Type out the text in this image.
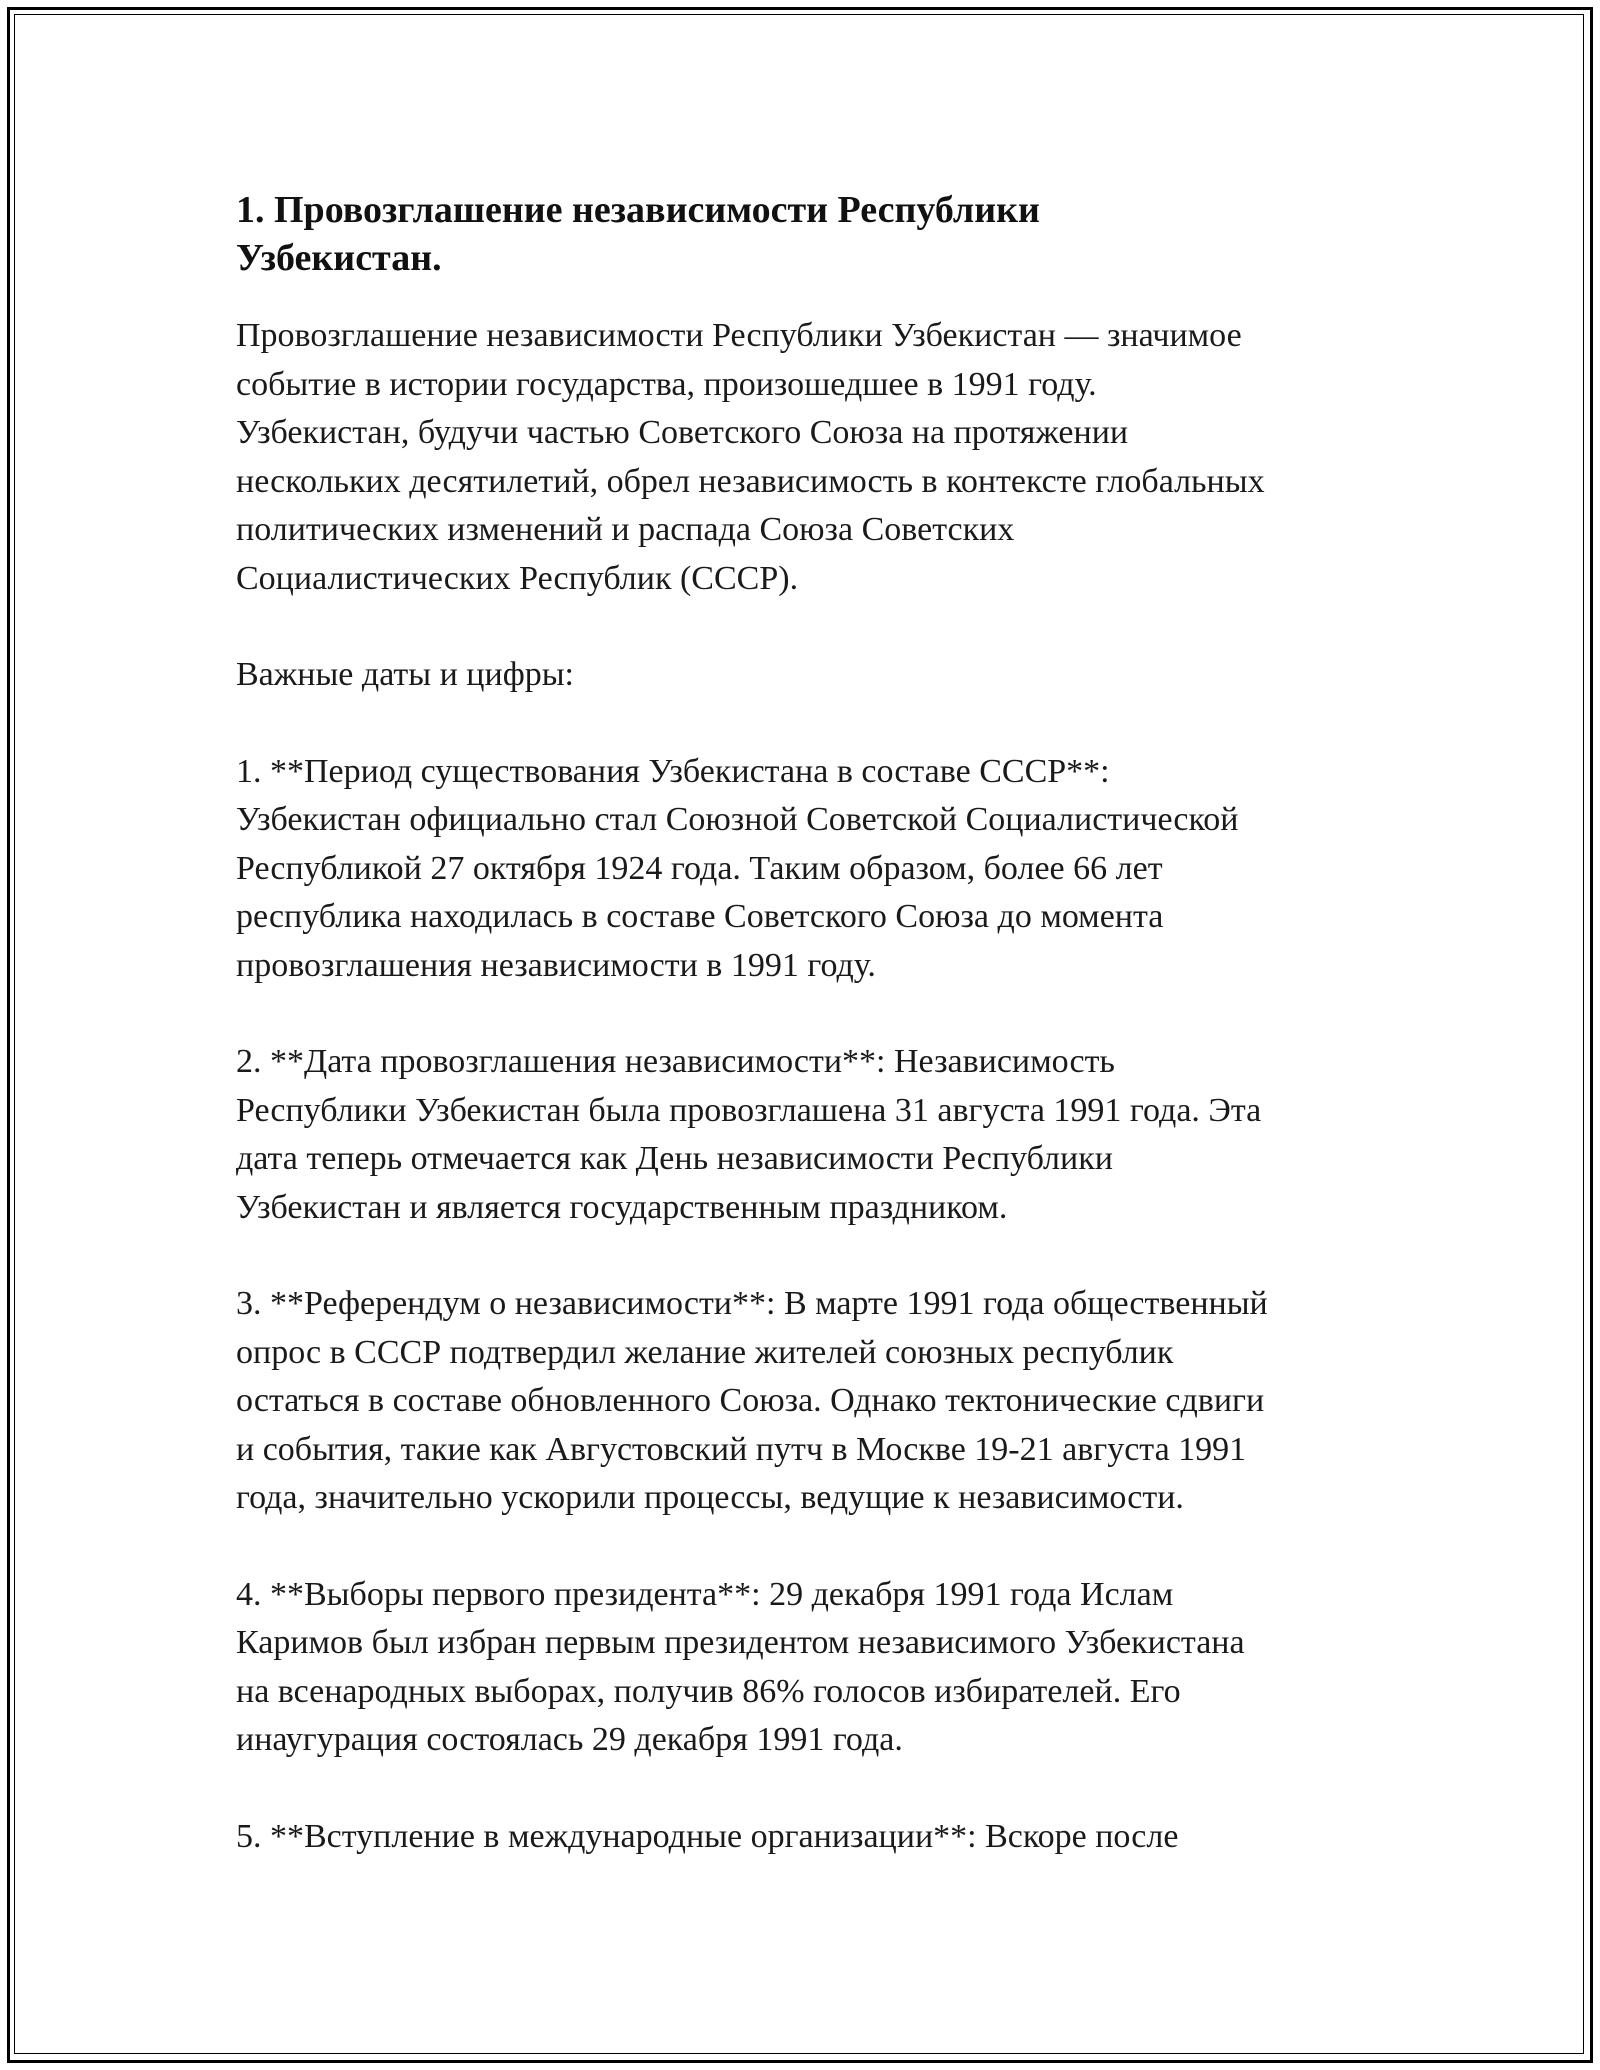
1. Провозглашение независимости Республики
Узбекистан.

Провозглашение независимости Республики Узбекистан — значимое
событие в истории государства, произошедшее в 1991 году.
Узбекистан, будучи частью Советского Союза на протяжении
нескольких десятилетий, обрел независимость в контексте глобальных
политических изменений и распада Союза Советских
Социалистических Республик (СССР).

Важные даты и цифры:

1. **Период существования Узбекистана в составе СССР**:
Узбекистан официально стал Союзной Советской Социалистической
Республикой 27 октября 1924 года. Таким образом, более 66 лет
республика находилась в составе Советского Союза до момента
провозглашения независимости в 1991 году.

2. **Дата провозглашения независимости**: Независимость
Республики Узбекистан была провозглашена 31 августа 1991 года. Эта
дата теперь отмечается как День независимости Республики
Узбекистан и является государственным праздником.

3. **Референдум о независимости**: В марте 1991 года общественный
опрос в СССР подтвердил желание жителей союзных республик
остаться в составе обновленного Союза. Однако тектонические сдвиги
и события, такие как Августовский путч в Москве 19-21 августа 1991
года, значительно ускорили процессы, ведущие к независимости.

4. **Выборы первого президента**: 29 декабря 1991 года Ислам
Каримов был избран первым президентом независимого Узбекистана
на всенародных выборах, получив 86% голосов избирателей. Его
инаугурация состоялась 29 декабря 1991 года.

5. **Вступление в международные организации**: Вскоре после
